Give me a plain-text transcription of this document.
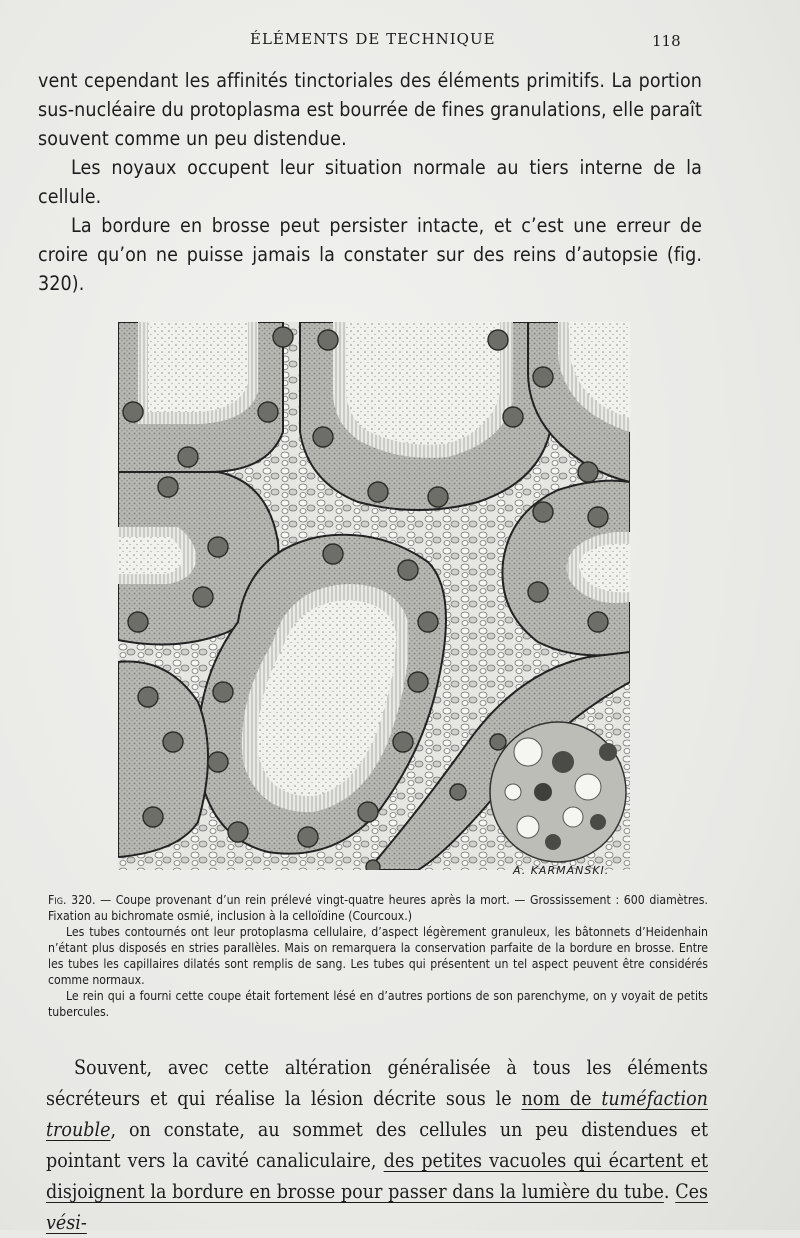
ÉLÉMENTS DE TECHNIQUE	118

vent cependant les affinités tinctoriales des éléments primitifs. La portion sus-nucléaire du protoplasma est bourrée de fines granulations, elle paraît souvent comme un peu distendue.

Les noyaux occupent leur situation normale au tiers interne de la cellule.

La bordure en brosse peut persister intacte, et c’est une erreur de croire qu’on ne puisse jamais la constater sur des reins d’autopsie (fig. 320).

A. KARMANSKI.

Fig. 320. — Coupe provenant d’un rein prélevé vingt-quatre heures après la mort. — Grossissement : 600 diamètres. Fixation au bichromate osmié, inclusion à la celloïdine (Courcoux.)

Les tubes contournés ont leur protoplasma cellulaire, d’aspect légèrement granuleux, les bâtonnets d’Heidenhain n’étant plus disposés en stries parallèles. Mais on remarquera la conservation parfaite de la bordure en brosse. Entre les tubes les capillaires dilatés sont remplis de sang. Les tubes qui présentent un tel aspect peuvent être considérés comme normaux.

Le rein qui a fourni cette coupe était fortement lésé en d’autres portions de son parenchyme, on y voyait de petits tubercules.

Souvent, avec cette altération généralisée à tous les éléments sécréteurs et qui réalise la lésion décrite sous le nom de tuméfaction trouble, on constate, au sommet des cellules un peu distendues et pointant vers la cavité canaliculaire, des petites vacuoles qui écartent et disjoignent la bordure en brosse pour passer dans la lumière du tube. Ces vési-
